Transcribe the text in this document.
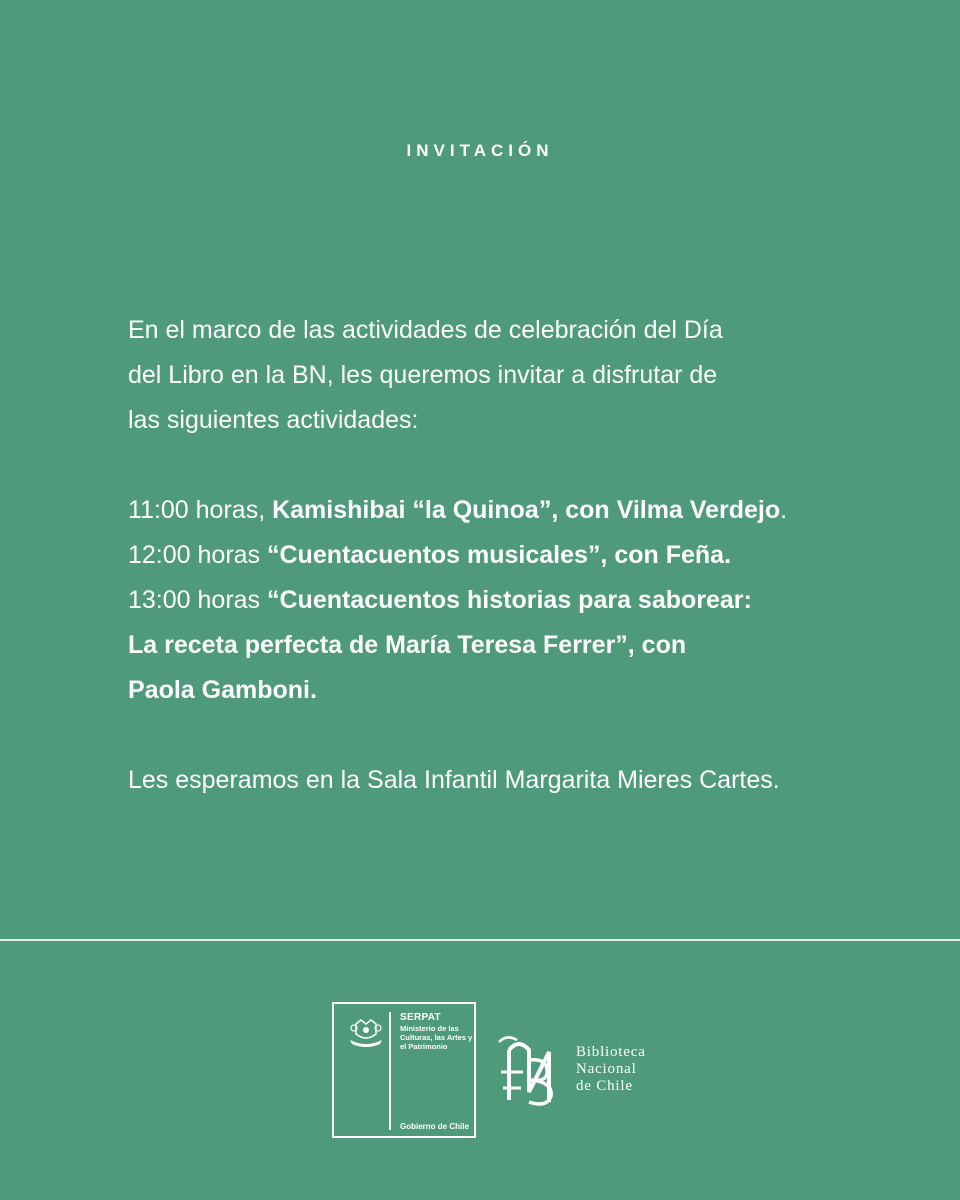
INVITACIÓN

En el marco de las actividades de celebración del Día

del Libro en la BN, les queremos invitar a disfrutar de

las siguientes actividades:

11:00 horas, Kamishibai “la Quinoa”, con Vilma Verdejo.

12:00 horas “Cuentacuentos musicales”, con Feña.

13:00 horas “Cuentacuentos historias para saborear:

La receta perfecta de María Teresa Ferrer”, con

Paola Gamboni.

Les esperamos en la Sala Infantil Margarita Mieres Cartes.

SERPAT
Ministerio de las Culturas, las Artes y el Patrimonio
Gobierno de Chile
Biblioteca
Nacional
de Chile
